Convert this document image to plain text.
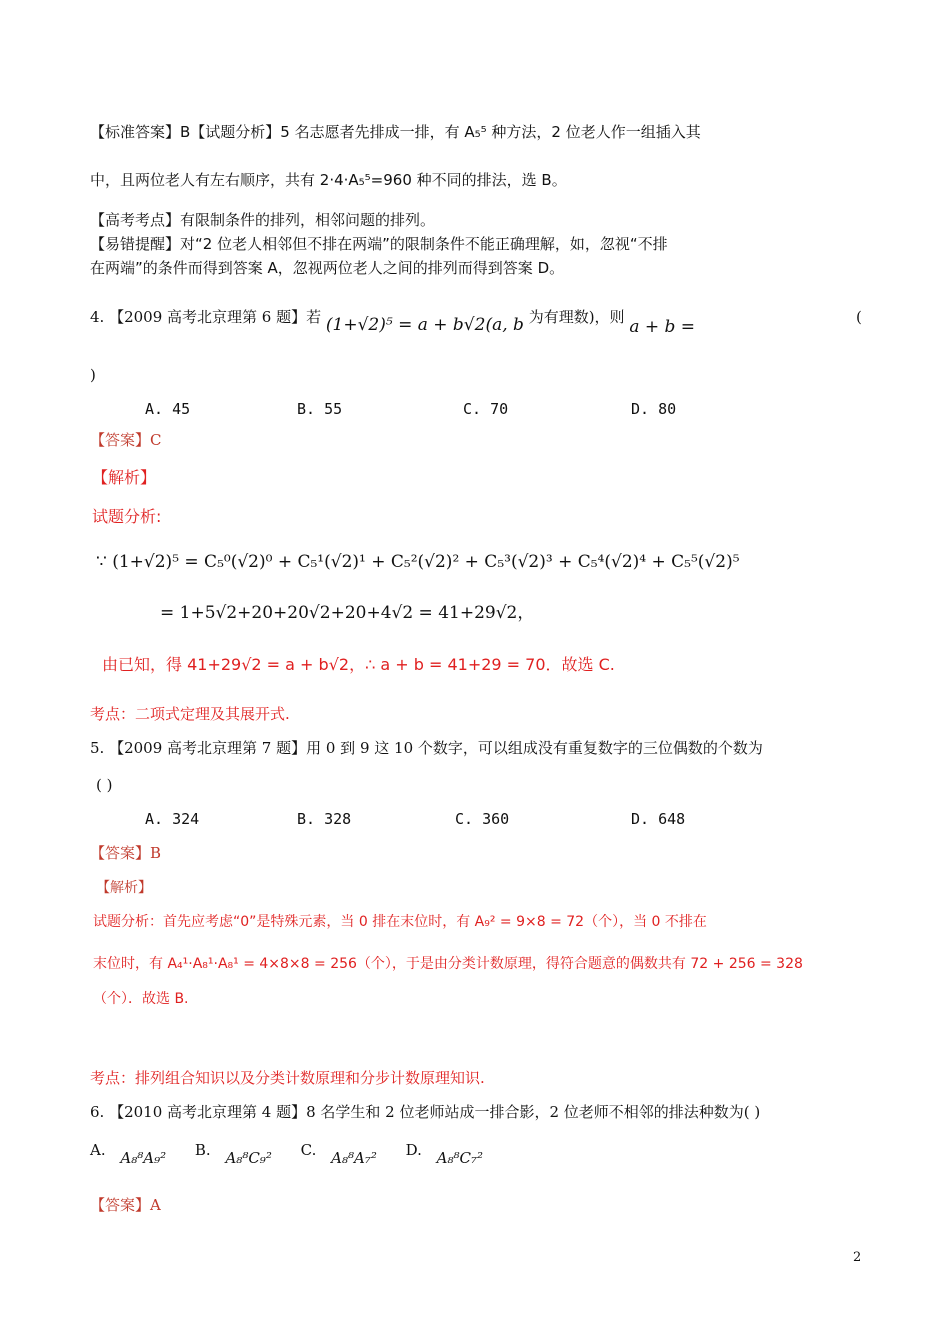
【标准答案】B【试题分析】5 名志愿者先排成一排，有 A₅⁵ 种方法，2 位老人作一组插入其
中，且两位老人有左右顺序，共有 2·4·A₅⁵=960 种不同的排法，选 B。
【高考考点】有限制条件的排列，相邻问题的排列。
【易错提醒】对“2 位老人相邻但不排在两端”的限制条件不能正确理解，如，忽视“不排
在两端”的条件而得到答案 A，忽视两位老人之间的排列而得到答案 D。
4. 【2009 高考北京理第 6 题】若 (1+√2)⁵ = a + b√2(a, b 为有理数)，则 a + b =	(
)
A. 45	B. 55	C. 70	D. 80
【答案】C
【解析】
试题分析:
∵ (1+√2)⁵ = C₅⁰(√2)⁰ + C₅¹(√2)¹ + C₅²(√2)² + C₅³(√2)³ + C₅⁴(√2)⁴ + C₅⁵(√2)⁵
= 1+5√2+20+20√2+20+4√2 = 41+29√2，
由已知，得 41+29√2 = a + b√2，∴ a + b = 41+29 = 70．故选 C.
考点：二项式定理及其展开式.
5. 【2009 高考北京理第 7 题】用 0 到 9 这 10 个数字，可以组成没有重复数字的三位偶数的个数为
( )
A. 324	B. 328	C. 360	D. 648
【答案】B
【解析】
试题分析：首先应考虑“0”是特殊元素，当 0 排在末位时，有 A₉² = 9×8 = 72（个），当 0 不排在
末位时，有 A₄¹·A₈¹·A₈¹ = 4×8×8 = 256（个），于是由分类计数原理，得符合题意的偶数共有 72 + 256 = 328
（个）．故选 B.
考点：排列组合知识以及分类计数原理和分步计数原理知识.
6. 【2010 高考北京理第 4 题】8 名学生和 2 位老师站成一排合影，2 位老师不相邻的排法种数为( )
A. A₈⁸A₉² B. A₈⁸C₉² C. A₈⁸A₇² D. A₈⁸C₇²
【答案】A
2
